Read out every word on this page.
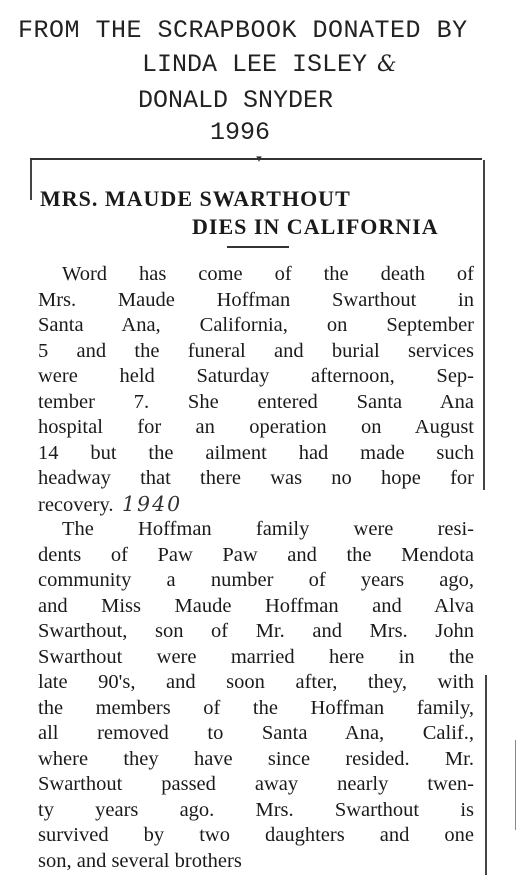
FROM THE SCRAPBOOK DONATED BY
LINDA LEE ISLEY &
DONALD SNYDER
1996
▾
MRS. MAUDE SWARTHOUT
DIES IN CALIFORNIA
Word has come of the death of
Mrs. Maude Hoffman Swarthout in
Santa Ana, California, on September
5 and the funeral and burial services
were held Saturday afternoon, Sep-
tember 7. She entered Santa Ana
hospital for an operation on August
14 but the ailment had made such
headway that there was no hope for
recovery. 1940
The Hoffman family were resi-
dents of Paw Paw and the Mendota
community a number of years ago,
and Miss Maude Hoffman and Alva
Swarthout, son of Mr. and Mrs. John
Swarthout were married here in the
late 90's, and soon after, they, with
the members of the Hoffman family,
all removed to Santa Ana, Calif.,
where they have since resided. Mr.
Swarthout passed away nearly twen-
ty years ago. Mrs. Swarthout is
survived by two daughters and one
son, and several brothers
